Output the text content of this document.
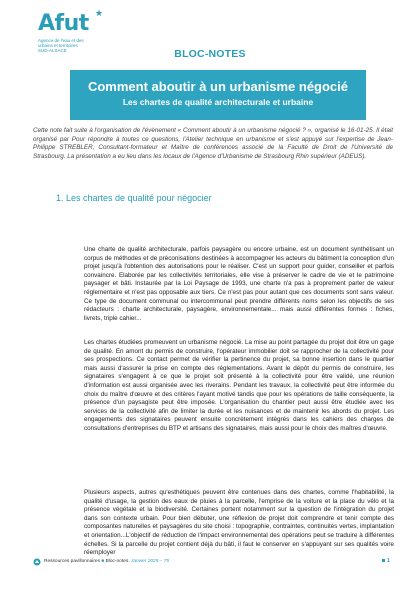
Afut ★
Agence de l'eau et des
urbains et territoires
SUD-ALSACE	BLOC-NOTES
Comment aboutir à un urbanisme négocié
Les chartes de qualité architecturale et urbaine
Cette note fait suite à l'organisation de l'évènement « Comment aboutir à un urbanisme négocié ? », organisé le 16-01-25. Il était organisé par Pour répondre à toutes ce questions, l'Atelier technique en urbanisme et s'est appuyé sur l'expertise de Jean-Philippe STREBLER, Consultant-formateur et Maître de conférences associé de la Faculté de Droit de l'Université de Strasbourg. La présentation a eu lieu dans les locaux de l'Agence d'Urbanisme de Strasbourg Rhin supérieur (ADEUS).
1. Les chartes de qualité pour négocier
Une charte de qualité architecturale, parfois paysagère ou encore urbaine, est un document synthétisant un corpus de méthodes et de préconisations destinées à accompagner les acteurs du bâtiment la conception d'un projet jusqu'à l'obtention des autorisations pour le réaliser. C'est un support pour guider, conseiller et parfois convaincre. Elaborée par les collectivités territoriales, elle vise à préserver le cadre de vie et le patrimoine paysager et bâti. Instaurée par la Loi Paysage de 1993, une charte n'a pas à proprement parler de valeur réglementaire et n'est pas opposable aux tiers. Ce n'est pas pour autant que ces documents sont sans valeur. Ce type de document communal ou intercommunal peut prendre différents noms selon les objectifs de ses rédacteurs : charte architecturale, paysagère, environnementale... mais aussi différentes formes : fiches, livrets, triple cahier...
Les chartes étudiées promeuvent un urbanisme négocié. La mise au point partagée du projet doit être un gage de qualité. En amont du permis de construire, l'opérateur immobilier doit se rapprocher de la collectivité pour ses prospections. Ce contact permet de vérifier la pertinence du projet, sa bonne insertion dans le quartier mais aussi d'assurer la prise en compte des réglementations. Avant le dépôt du permis de construire, les signataires s'engagent à ce que le projet soit présenté à la collectivité pour être validé, une réunion d'information est aussi organisée avec les riverains. Pendant les travaux, la collectivité peut être informée du choix du maître d'œuvre et des critères l'ayant motivé tandis que pour les opérations de taille conséquente, la présence d'un paysagiste peut être imposée. L'organisation du chantier peut aussi être étudiée avec les services de la collectivité afin de limiter la durée et les nuisances et de maintenir les abords du projet. Les engagements des signataires peuvent ensuite concrètement intégrés dans les cahiers des charges de consultations d'entreprises du BTP et artisans des signataires, mais aussi pour le choix des maîtres d'œuvre.
Plusieurs aspects, autres qu'esthétiques peuvent être contenues dans des chartes, comme l'habitabilité, la qualité d'usage, la gestion des eaux de pluies à la parcelle, l'emprise de la voiture et la place du vélo et la présence végétale et la biodiversité. Certaines portent notamment sur la question de l'intégration du projet dans son contexte urbain. Pour bien débuter, une réflexion de projet doit comprendre et tenir compte des composantes naturelles et paysagères du site choisi : topographie, contraintes, continuités vertes, implantation et orientation...L'objectif de réduction de l'impact environnemental des opérations peut se traduire à différentes échelles. Si la parcelle du projet contient déjà du bâti, il faut le conserver en s'appuyant sur ses qualités voire réemployer
Ressources pavillonnaires ■ Bloc-notes. Janvier 2025 – 75	1
